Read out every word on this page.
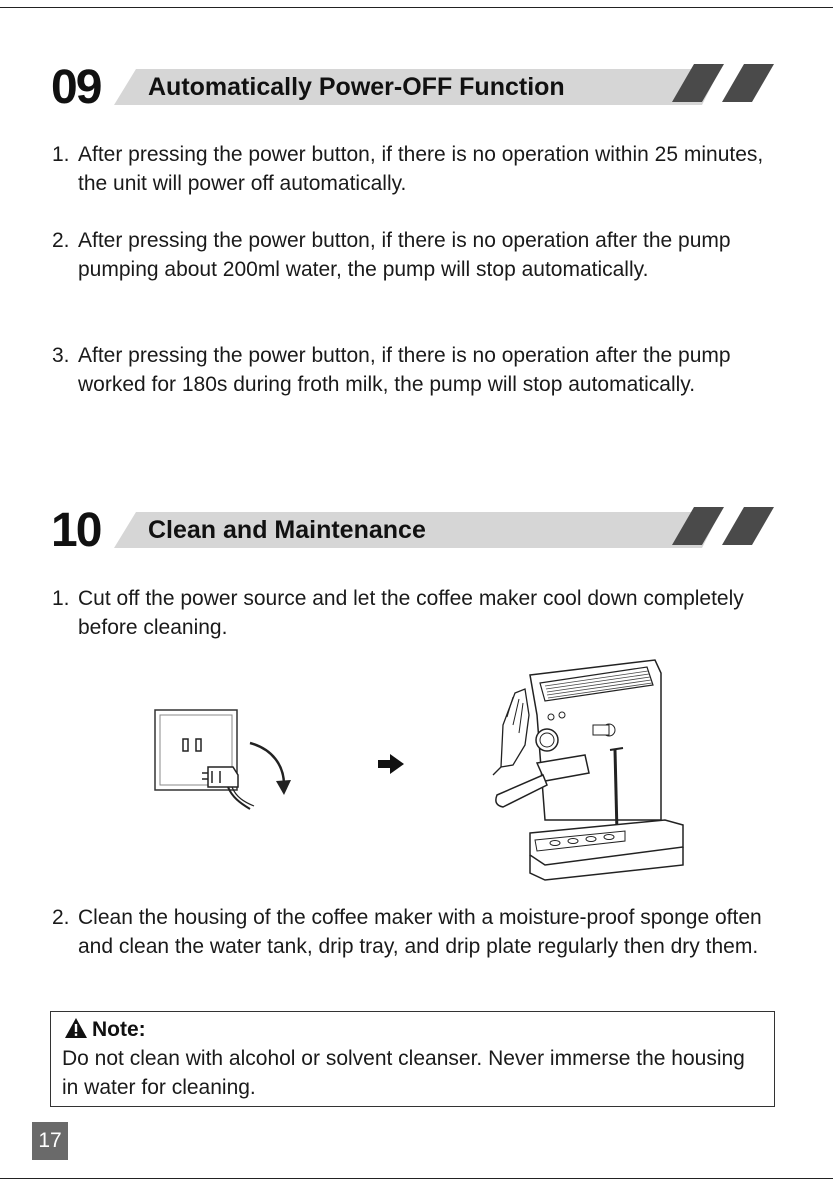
09 Automatically Power-OFF Function
1. After pressing the power button, if there is no operation within 25 minutes, the unit will power off automatically.
2. After pressing the power button, if there is no operation after the pump pumping about 200ml water, the pump will stop automatically.
3. After pressing the power button, if there is no operation after the pump worked for 180s during froth milk, the pump will stop automatically.
10 Clean and Maintenance
1. Cut off the power source and let the coffee maker cool down completely before cleaning.
2. Clean the housing of the coffee maker with a moisture-proof sponge often and clean the water tank, drip tray, and drip plate regularly then dry them.
Note:
Do not clean with alcohol or solvent cleanser. Never immerse the housing in water for cleaning.
17
